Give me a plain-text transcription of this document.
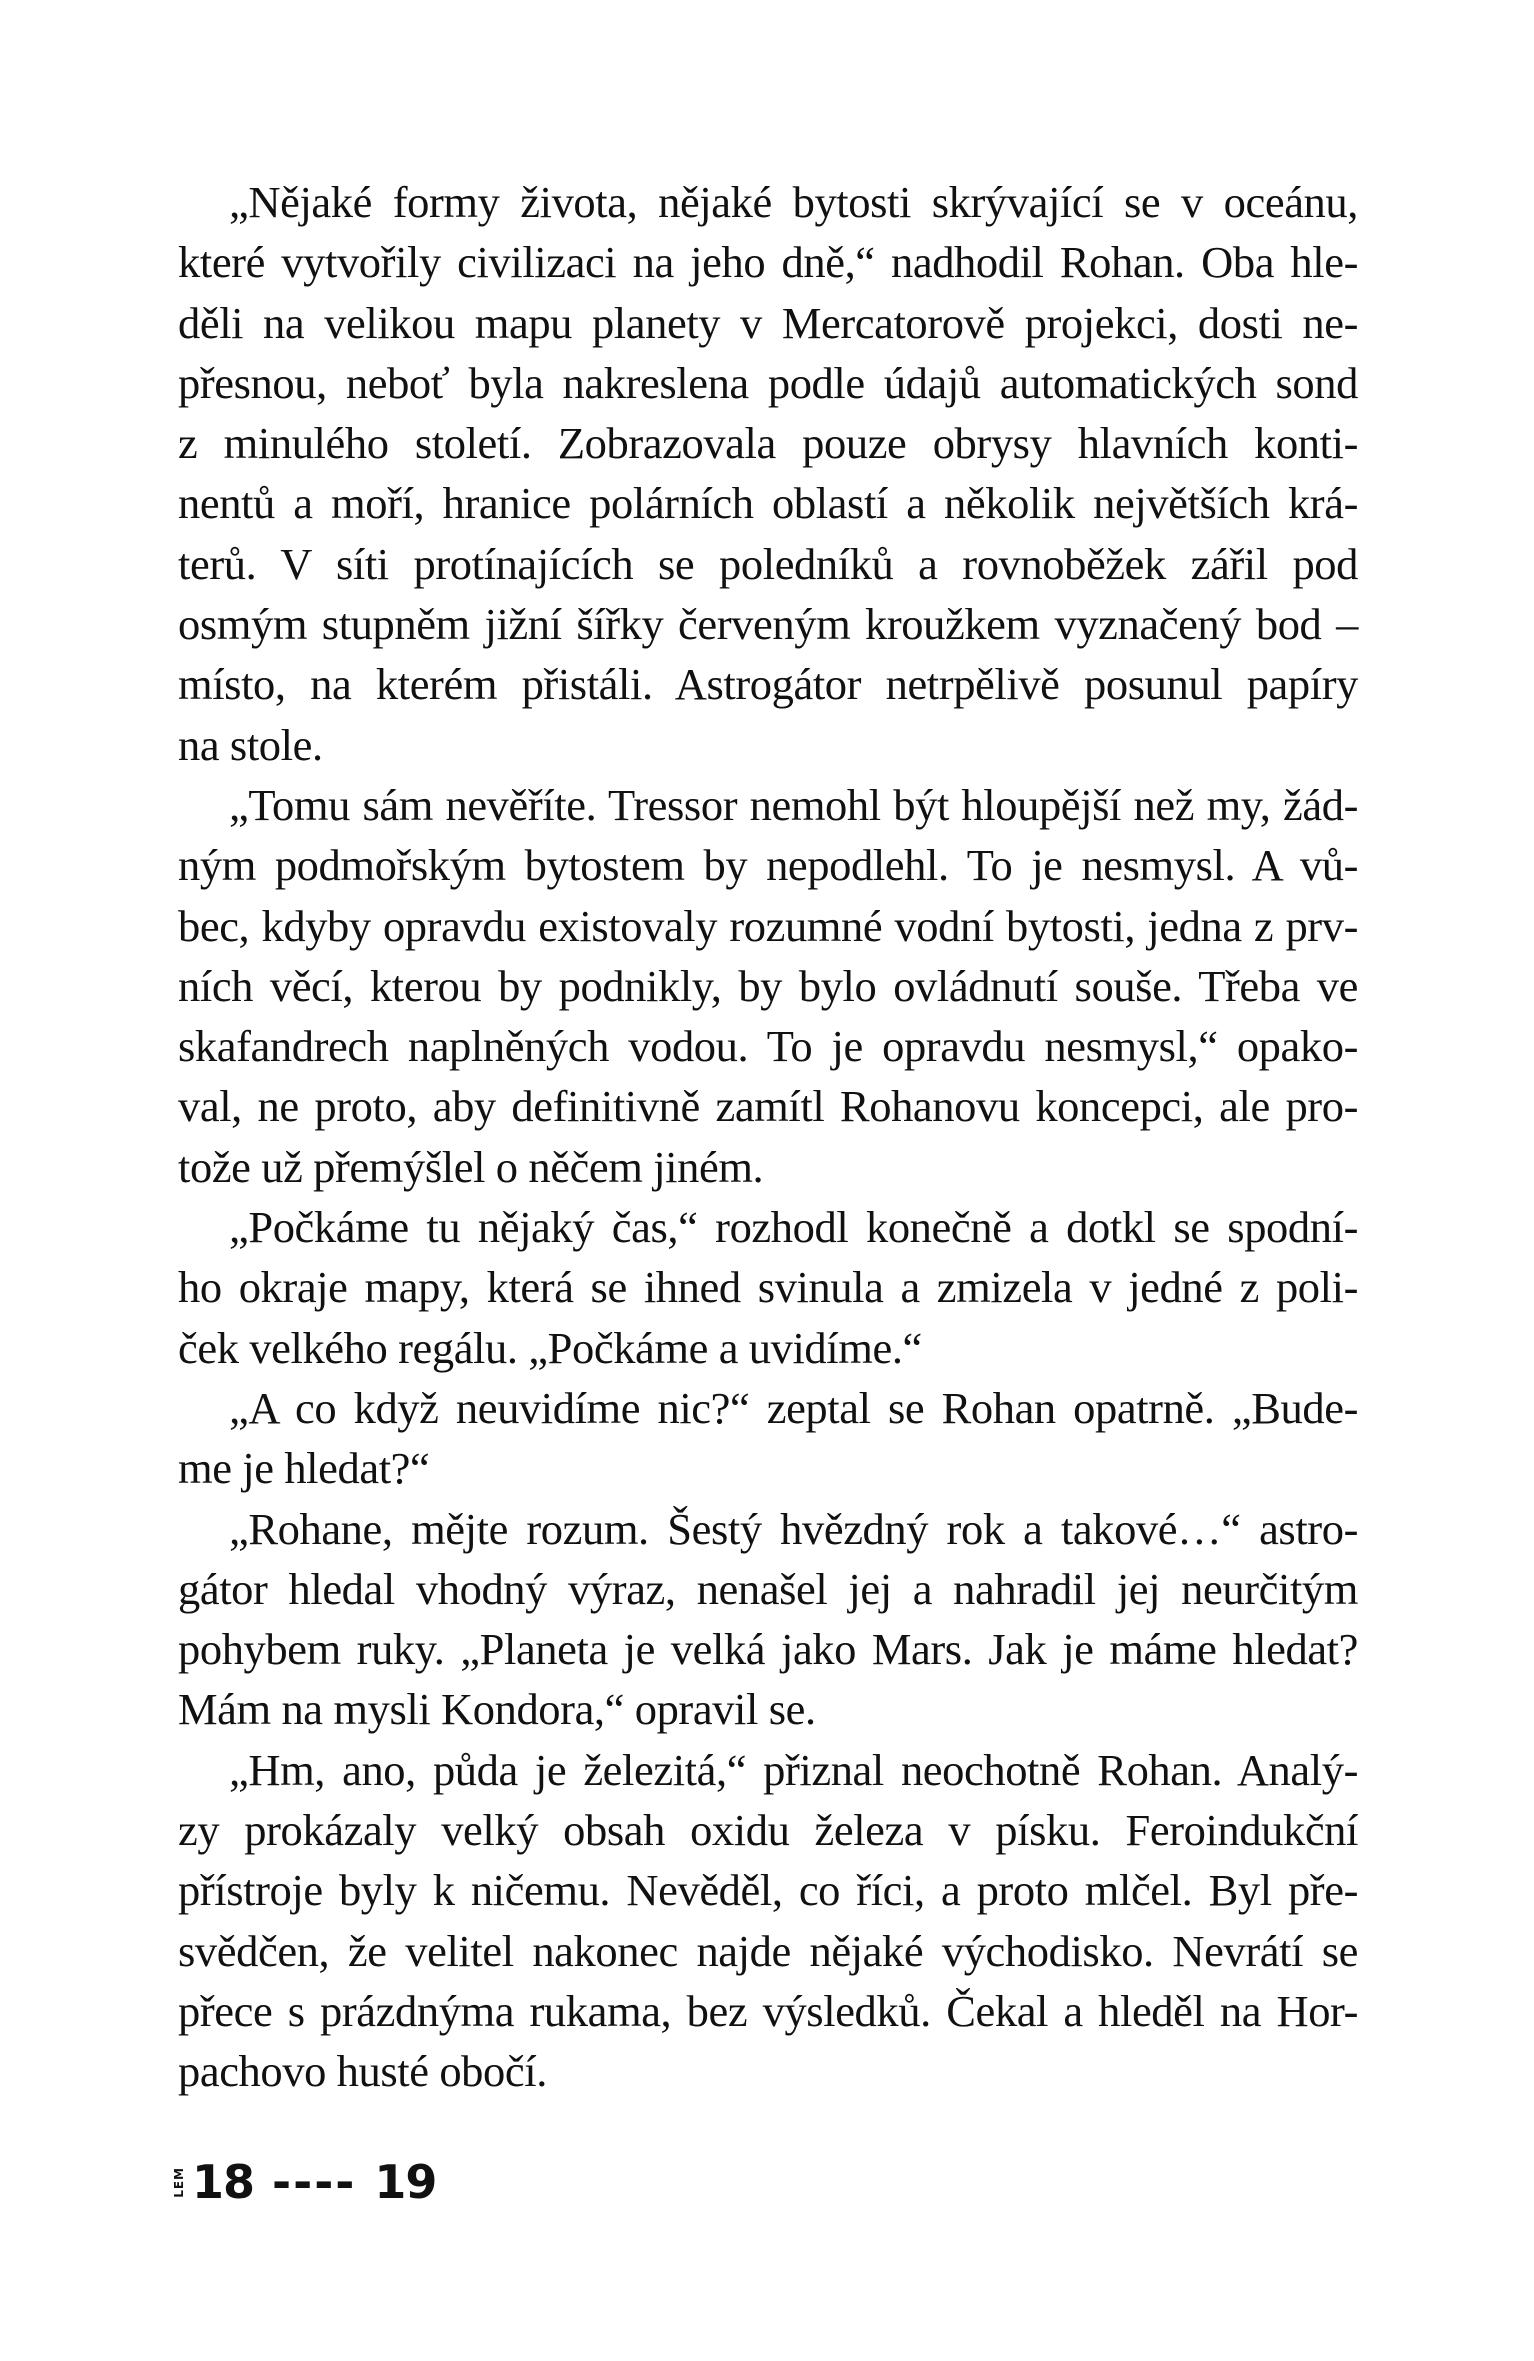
„Nějaké formy života, nějaké bytosti skrývající se v oceánu,
které vytvořily civilizaci na jeho dně,“ nadhodil Rohan. Oba hle-
děli na velikou mapu planety v Mercatorově projekci, dosti ne-
přesnou, neboť byla nakreslena podle údajů automatických sond
z minulého století. Zobrazovala pouze obrysy hlavních konti-
nentů a moří, hranice polárních oblastí a několik největších krá-
terů. V síti protínajících se poledníků a rovnoběžek zářil pod
osmým stupněm jižní šířky červeným kroužkem vyznačený bod –
místo, na kterém přistáli. Astrogátor netrpělivě posunul papíry
na stole.
„Tomu sám nevěříte. Tressor nemohl být hloupější než my, žád-
ným podmořským bytostem by nepodlehl. To je nesmysl. A vů-
bec, kdyby opravdu existovaly rozumné vodní bytosti, jedna z prv-
ních věcí, kterou by podnikly, by bylo ovládnutí souše. Třeba ve
skafandrech naplněných vodou. To je opravdu nesmysl,“ opako-
val, ne proto, aby definitivně zamítl Rohanovu koncepci, ale pro-
tože už přemýšlel o něčem jiném.
„Počkáme tu nějaký čas,“ rozhodl konečně a dotkl se spodní-
ho okraje mapy, která se ihned svinula a zmizela v jedné z poli-
ček velkého regálu. „Počkáme a uvidíme.“
„A co když neuvidíme nic?“ zeptal se Rohan opatrně. „Bude-
me je hledat?“
„Rohane, mějte rozum. Šestý hvězdný rok a takové…“ astro-
gátor hledal vhodný výraz, nenašel jej a nahradil jej neurčitým
pohybem ruky. „Planeta je velká jako Mars. Jak je máme hledat?
Mám na mysli Kondora,“ opravil se.
„Hm, ano, půda je železitá,“ přiznal neochotně Rohan. Analý-
zy prokázaly velký obsah oxidu železa v písku. Feroindukční
přístroje byly k ničemu. Nevěděl, co říci, a proto mlčel. Byl pře-
svědčen, že velitel nakonec najde nějaké východisko. Nevrátí se
přece s prázdnýma rukama, bez výsledků. Čekal a hleděl na Hor-
pachovo husté obočí.
LEM 18 ---- 19
